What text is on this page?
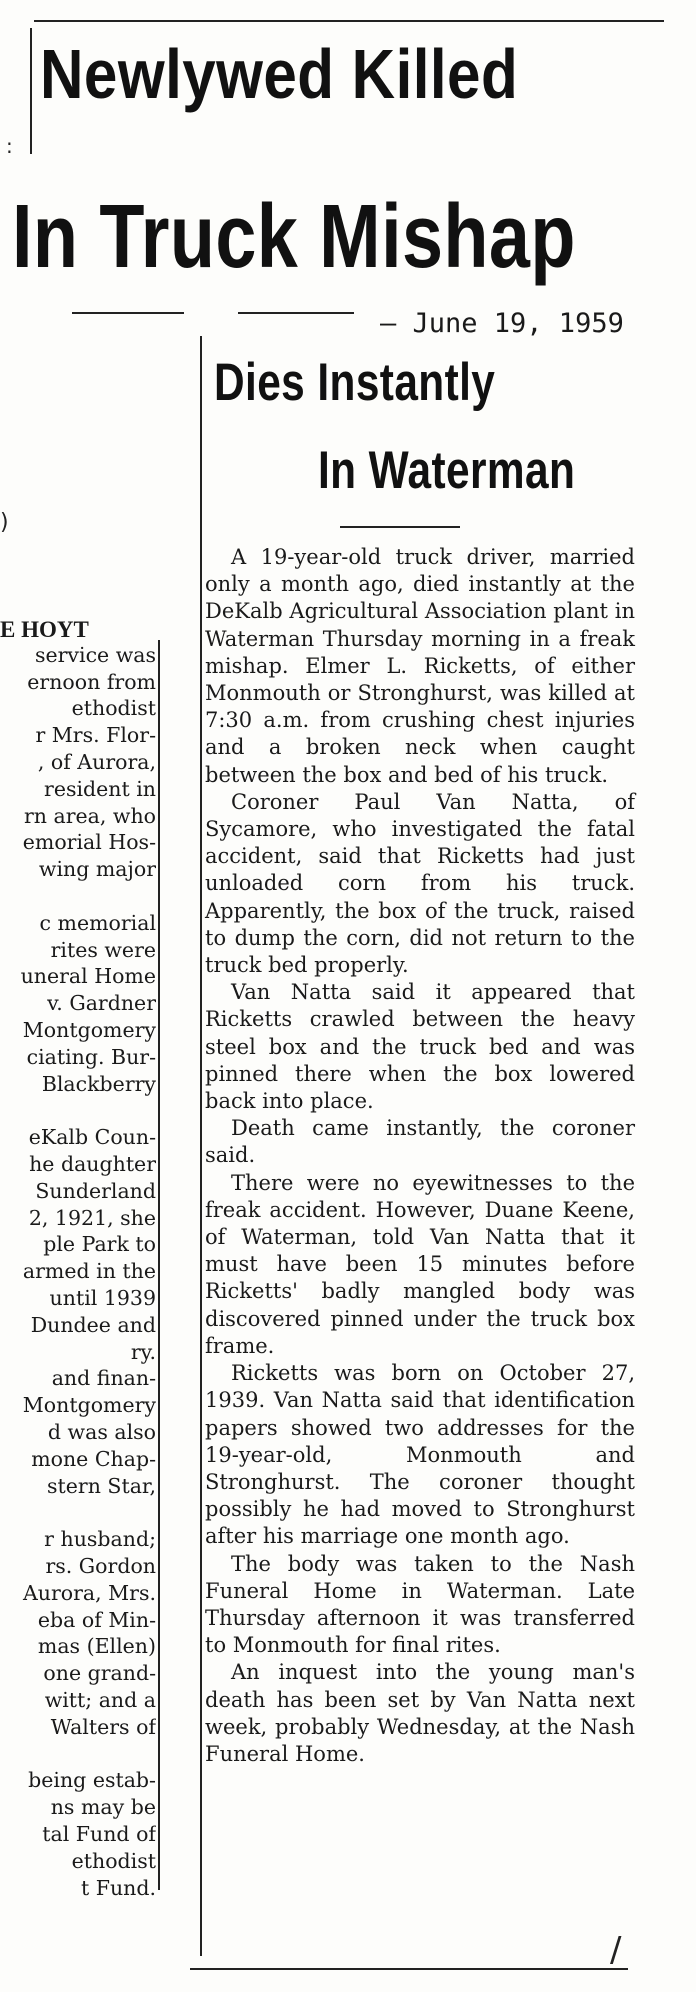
:
)
/
Newlywed Killed
In Truck Mishap
— June 19, 1959
Dies Instantly
In Waterman
E HOYT
service was
ernoon from
ethodist
r Mrs. Flor-
, of Aurora,
resident in
rn area, who
emorial Hos-
wing major
c memorial
rites were
uneral Home
v. Gardner
Montgomery
ciating. Bur-
Blackberry
eKalb Coun-
he daughter
Sunderland
2, 1921, she
ple Park to
armed in the
until 1939
Dundee and
ry.
and finan-
Montgomery
d was also
mone Chap-
stern Star,
r husband;
rs. Gordon
Aurora, Mrs.
eba of Min-
mas (Ellen)
one grand-
witt; and a
Walters of
being estab-
ns may be
tal Fund of
ethodist
t Fund.

A 19-year-old truck driver, married only a month ago, died instantly at the DeKalb Agricultural Association plant in Waterman Thursday morning in a freak mishap. Elmer L. Ricketts, of either Monmouth or Stronghurst, was killed at 7:30 a.m. from crushing chest injuries and a broken neck when caught between the box and bed of his truck.

Coroner Paul Van Natta, of Sycamore, who investigated the fatal accident, said that Ricketts had just unloaded corn from his truck. Apparently, the box of the truck, raised to dump the corn, did not return to the truck bed properly.

Van Natta said it appeared that Ricketts crawled between the heavy steel box and the truck bed and was pinned there when the box lowered back into place.

Death came instantly, the coroner said.

There were no eyewitnesses to the freak accident. However, Duane Keene, of Waterman, told Van Natta that it must have been 15 minutes before Ricketts' badly mangled body was discovered pinned under the truck box frame.

Ricketts was born on October 27, 1939. Van Natta said that identification papers showed two addresses for the 19-year-old, Monmouth and Stronghurst. The coroner thought possibly he had moved to Stronghurst after his marriage one month ago.

The body was taken to the Nash Funeral Home in Waterman. Late Thursday afternoon it was transferred to Monmouth for final rites.

An inquest into the young man's death has been set by Van Natta next week, probably Wednesday, at the Nash Funeral Home.
